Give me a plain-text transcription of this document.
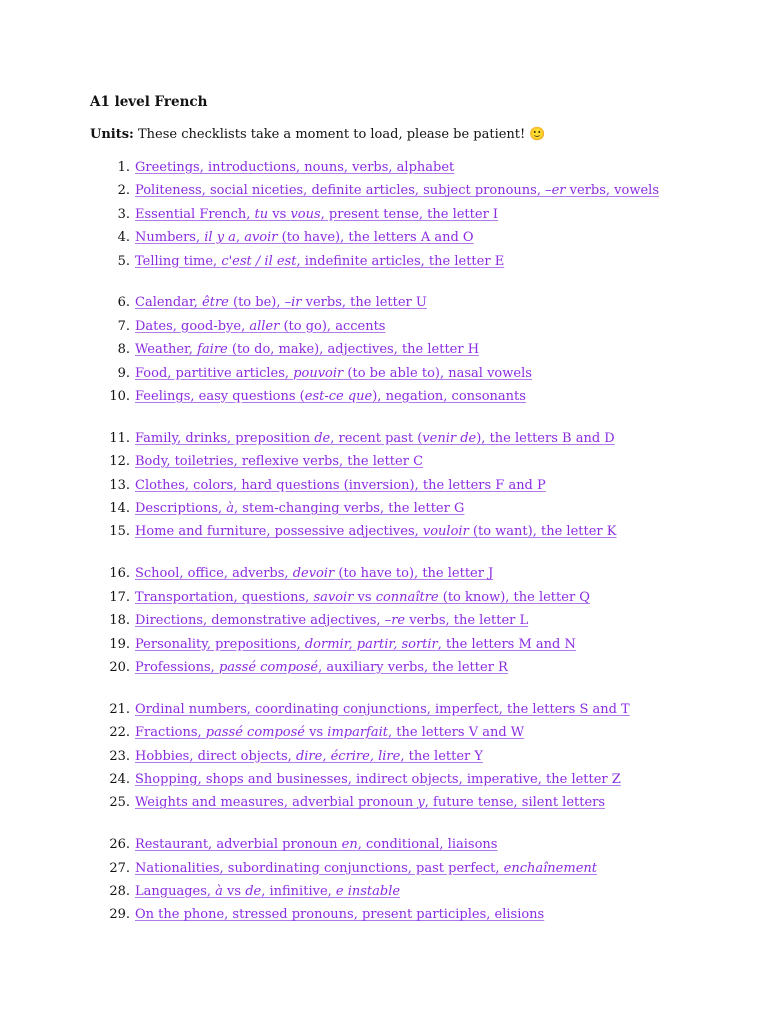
A1 level French
Units: These checklists take a moment to load, please be patient! 🙂
1. Greetings, introductions, nouns, verbs, alphabet
2. Politeness, social niceties, definite articles, subject pronouns, –er verbs, vowels
3. Essential French, tu vs vous, present tense, the letter I
4. Numbers, il y a, avoir (to have), the letters A and O
5. Telling time, c'est / il est, indefinite articles, the letter E
6. Calendar, être (to be), –ir verbs, the letter U
7. Dates, good-bye, aller (to go), accents
8. Weather, faire (to do, make), adjectives, the letter H
9. Food, partitive articles, pouvoir (to be able to), nasal vowels
10. Feelings, easy questions (est-ce que), negation, consonants
11. Family, drinks, preposition de, recent past (venir de), the letters B and D
12. Body, toiletries, reflexive verbs, the letter C
13. Clothes, colors, hard questions (inversion), the letters F and P
14. Descriptions, à, stem-changing verbs, the letter G
15. Home and furniture, possessive adjectives, vouloir (to want), the letter K
16. School, office, adverbs, devoir (to have to), the letter J
17. Transportation, questions, savoir vs connaître (to know), the letter Q
18. Directions, demonstrative adjectives, –re verbs, the letter L
19. Personality, prepositions, dormir, partir, sortir, the letters M and N
20. Professions, passé composé, auxiliary verbs, the letter R
21. Ordinal numbers, coordinating conjunctions, imperfect, the letters S and T
22. Fractions, passé composé vs imparfait, the letters V and W
23. Hobbies, direct objects, dire, écrire, lire, the letter Y
24. Shopping, shops and businesses, indirect objects, imperative, the letter Z
25. Weights and measures, adverbial pronoun y, future tense, silent letters
26. Restaurant, adverbial pronoun en, conditional, liaisons
27. Nationalities, subordinating conjunctions, past perfect, enchaînement
28. Languages, à vs de, infinitive, e instable
29. On the phone, stressed pronouns, present participles, elisions
